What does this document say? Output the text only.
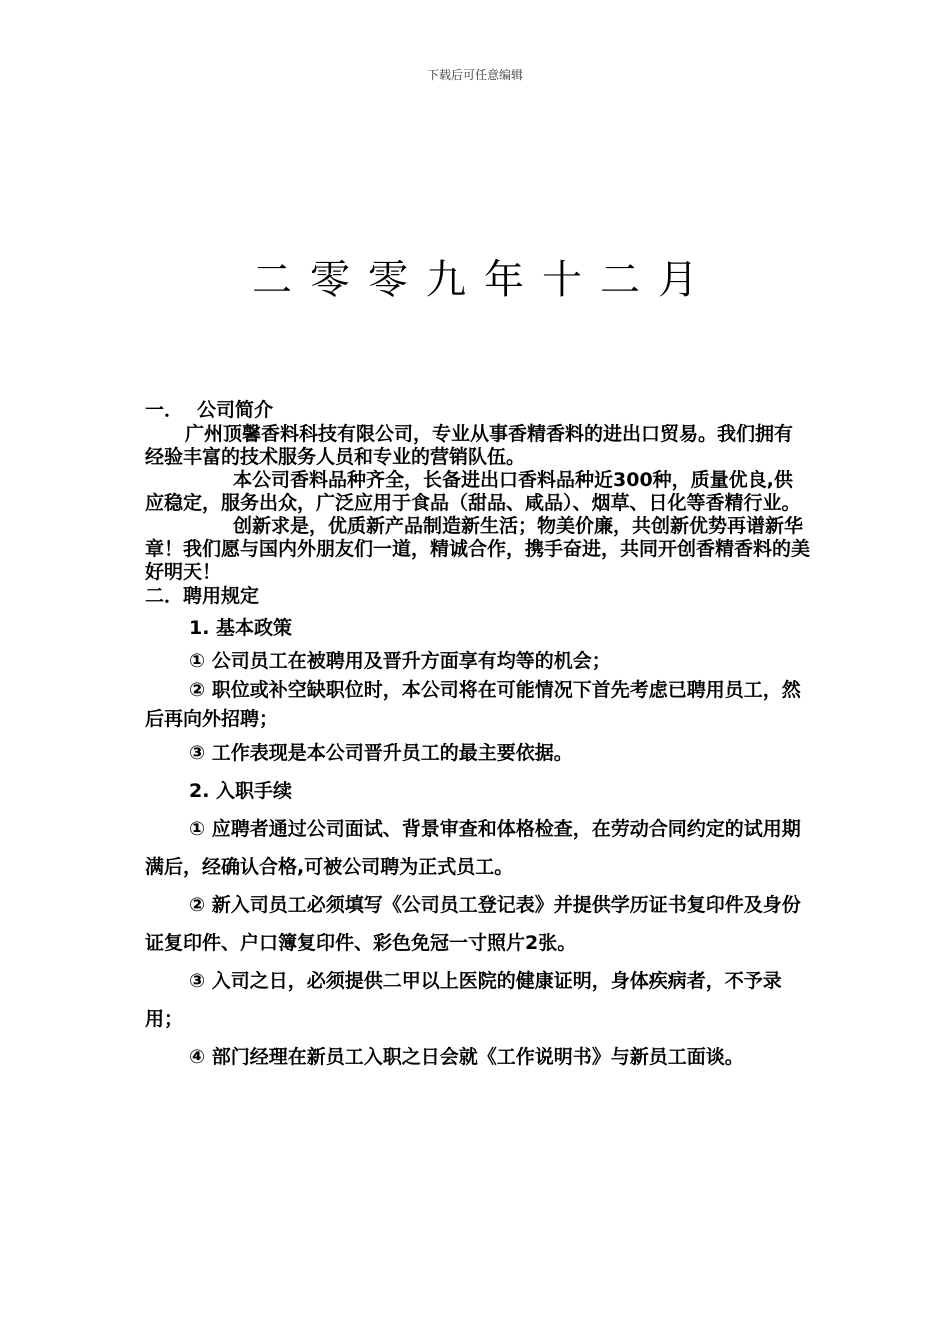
下载后可任意编辑
二零零九年十二月

一． 公司简介

广州顶馨香料科技有限公司，专业从事香精香料的进出口贸易。我们拥有经验丰富的技术服务人员和专业的营销队伍。

本公司香料品种齐全，长备进出口香料品种近300种，质量优良,供应稳定，服务出众，广泛应用于食品（甜品、咸品）、烟草、日化等香精行业。

创新求是，优质新产品制造新生活；物美价廉，共创新优势再谱新华章！我们愿与国内外朋友们一道，精诚合作，携手奋进，共同开创香精香料的美好明天！

二．聘用规定

1. 基本政策

① 公司员工在被聘用及晋升方面享有均等的机会；

② 职位或补空缺职位时，本公司将在可能情况下首先考虑已聘用员工，然后再向外招聘；

③ 工作表现是本公司晋升员工的最主要依据。

2. 入职手续

① 应聘者通过公司面试、背景审查和体格检查，在劳动合同约定的试用期满后，经确认合格,可被公司聘为正式员工。

② 新入司员工必须填写《公司员工登记表》并提供学历证书复印件及身份证复印件、户口簿复印件、彩色免冠一寸照片2张。

③ 入司之日，必须提供二甲以上医院的健康证明，身体疾病者，不予录用；

④ 部门经理在新员工入职之日会就《工作说明书》与新员工面谈。
